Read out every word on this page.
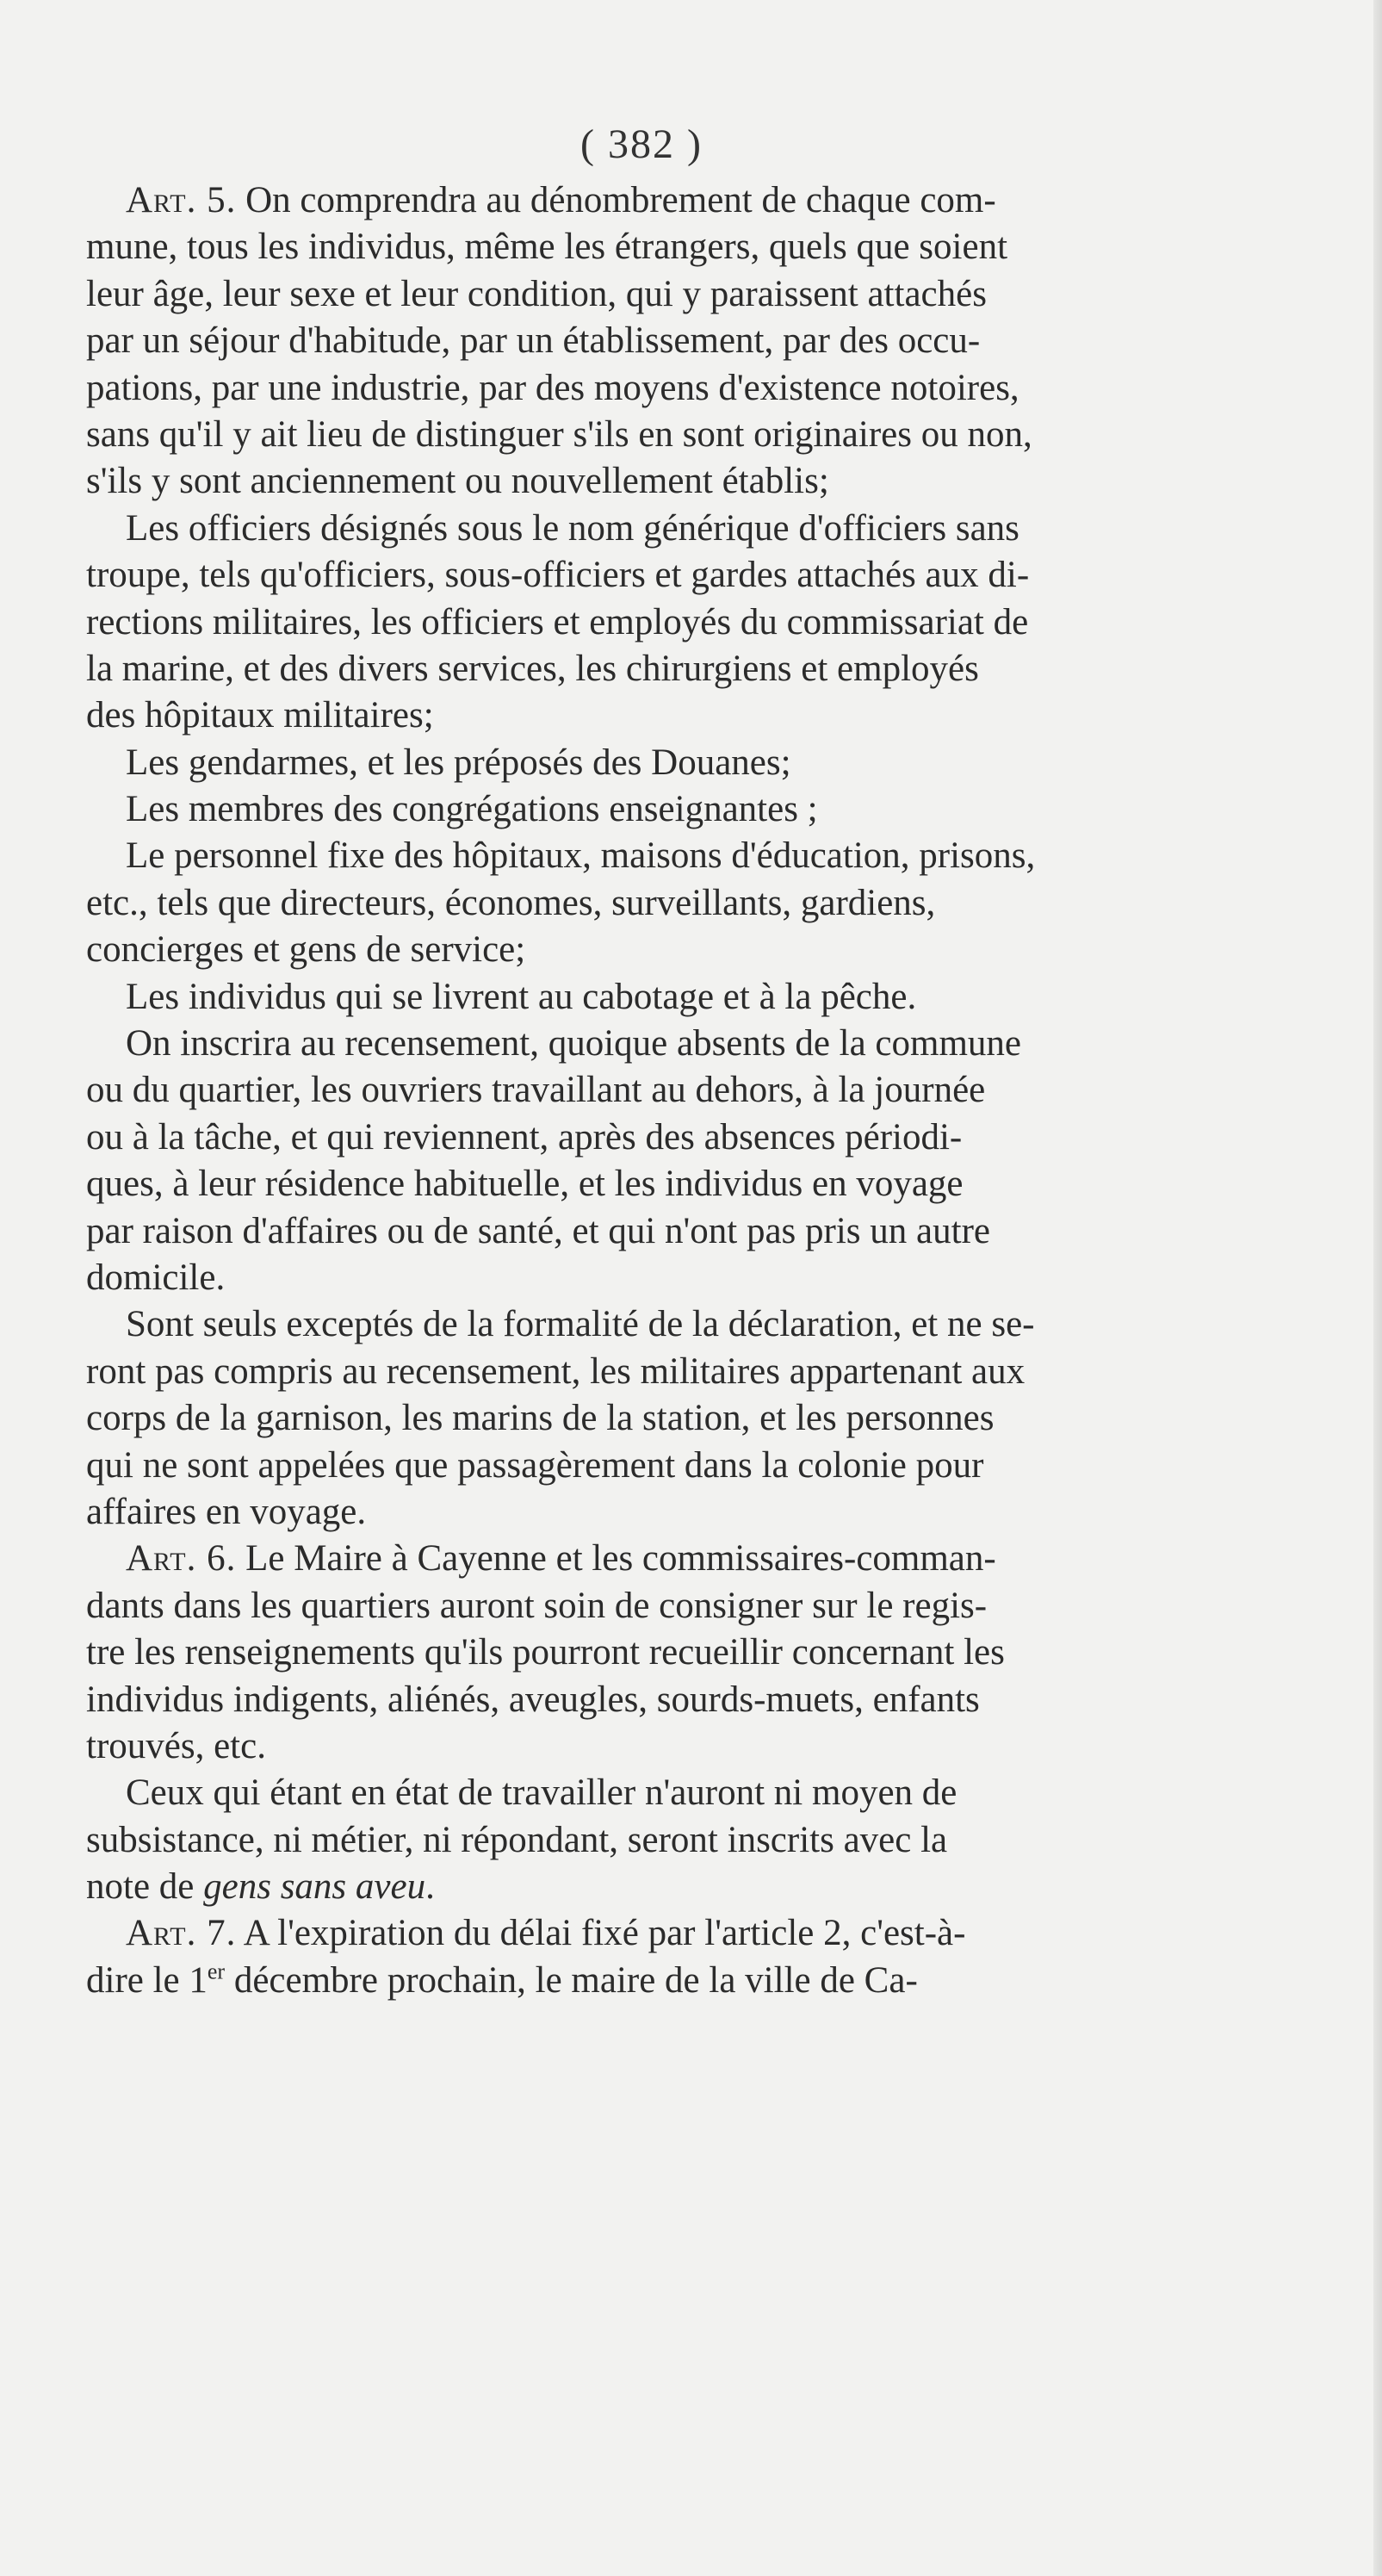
( 382 )
Art. 5. On comprendra au dénombrement de chaque com-
mune, tous les individus, même les étrangers, quels que soient
leur âge, leur sexe et leur condition, qui y paraissent attachés
par un séjour d'habitude, par un établissement, par des occu-
pations, par une industrie, par des moyens d'existence notoires,
sans qu'il y ait lieu de distinguer s'ils en sont originaires ou non,
s'ils y sont anciennement ou nouvellement établis;
Les officiers désignés sous le nom générique d'officiers sans
troupe, tels qu'officiers, sous-officiers et gardes attachés aux di-
rections militaires, les officiers et employés du commissariat de
la marine, et des divers services, les chirurgiens et employés
des hôpitaux militaires;
Les gendarmes, et les préposés des Douanes;
Les membres des congrégations enseignantes ;
Le personnel fixe des hôpitaux, maisons d'éducation, prisons,
etc., tels que directeurs, économes, surveillants, gardiens,
concierges et gens de service;
Les individus qui se livrent au cabotage et à la pêche.
On inscrira au recensement, quoique absents de la commune
ou du quartier, les ouvriers travaillant au dehors, à la journée
ou à la tâche, et qui reviennent, après des absences périodi-
ques, à leur résidence habituelle, et les individus en voyage
par raison d'affaires ou de santé, et qui n'ont pas pris un autre
domicile.
Sont seuls exceptés de la formalité de la déclaration, et ne se-
ront pas compris au recensement, les militaires appartenant aux
corps de la garnison, les marins de la station, et les personnes
qui ne sont appelées que passagèrement dans la colonie pour
affaires en voyage.
Art. 6. Le Maire à Cayenne et les commissaires-comman-
dants dans les quartiers auront soin de consigner sur le regis-
tre les renseignements qu'ils pourront recueillir concernant les
individus indigents, aliénés, aveugles, sourds-muets, enfants
trouvés, etc.
Ceux qui étant en état de travailler n'auront ni moyen de
subsistance, ni métier, ni répondant, seront inscrits avec la
note de gens sans aveu.
Art. 7. A l'expiration du délai fixé par l'article 2, c'est-à-
dire le 1er décembre prochain, le maire de la ville de Ca-
